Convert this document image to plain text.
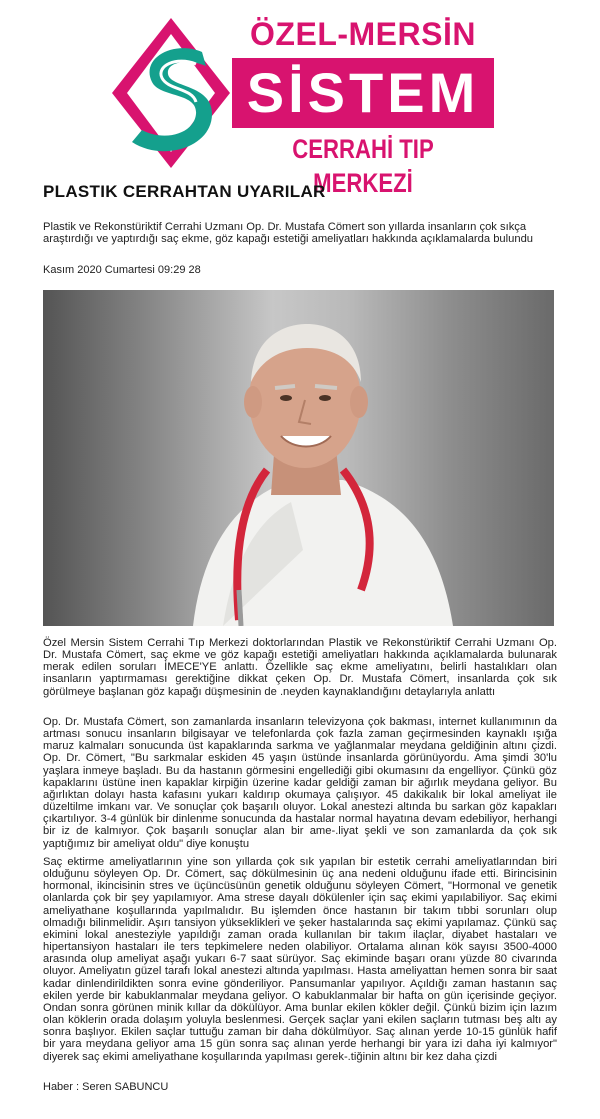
ÖZEL-MERSİN
SİSTEM
CERRAHİ TIP MERKEZİ
PLASTIK CERRAHTAN UYARILAR
Plastik ve Rekonstüriktif Cerrahi Uzmanı Op. Dr. Mustafa Cömert son yıllarda insanların çok sıkça araştırdığı ve yaptırdığı saç ekme, göz kapağı estetiği ameliyatları hakkında açıklamalarda bulundu
Kasım 2020 Cumartesi 09:29 28
Özel Mersin Sistem Cerrahi Tıp Merkezi doktorlarından Plastik ve Rekonstüriktif Cerrahi Uzmanı Op. Dr. Mustafa Cömert, saç ekme ve göz kapağı estetiği ameliyatları hakkında açıklamalarda bulunarak merak edilen soruları İMECE'YE anlattı. Özellikle saç ekme ameliyatını, belirli hastalıkları olan insanların yaptırmaması gerektiğine dikkat çeken Op. Dr. Mustafa Cömert, insanlarda çok sık görülmeye başlanan göz kapağı düşmesinin de .neyden kaynaklandığını detaylarıyla anlattı
Op. Dr. Mustafa Cömert, son zamanlarda insanların televizyona çok bakması, internet kullanımının da artması sonucu insanların bilgisayar ve telefonlarda çok fazla zaman geçirmesinden kaynaklı ışığa maruz kalmaları sonucunda üst kapaklarında sarkma ve yağlanmalar meydana geldiğinin altını çizdi. Op. Dr. Cömert, "Bu sarkmalar eskiden 45 yaşın üstünde insanlarda görünüyordu. Ama şimdi 30'lu yaşlara inmeye başladı. Bu da hastanın görmesini engellediği gibi okumasını da engelliyor. Çünkü göz kapaklarını üstüne inen kapaklar kirpiğin üzerine kadar geldiği zaman bir ağırlık meydana geliyor. Bu ağırlıktan dolayı hasta kafasını yukarı kaldırıp okumaya çalışıyor. 45 dakikalık bir lokal ameliyat ile düzeltilme imkanı var. Ve sonuçlar çok başarılı oluyor. Lokal anestezi altında bu sarkan göz kapakları çıkartılıyor. 3-4 günlük bir dinlenme sonucunda da hastalar normal hayatına devam edebiliyor, herhangi bir iz de kalmıyor. Çok başarılı sonuçlar alan bir ame-.liyat şekli ve son zamanlarda da çok sık yaptığımız bir ameliyat oldu" diye konuştu
Saç ektirme ameliyatlarının yine son yıllarda çok sık yapılan bir estetik cerrahi ameliyatlarından biri olduğunu söyleyen Op. Dr. Cömert, saç dökülmesinin üç ana nedeni olduğunu ifade etti. Birincisinin hormonal, ikincisinin stres ve üçüncüsünün genetik olduğunu söyleyen Cömert, "Hormonal ve genetik olanlarda çok bir şey yapılamıyor. Ama strese dayalı dökülenler için saç ekimi yapılabiliyor. Saç ekimi ameliyathane koşullarında yapılmalıdır. Bu işlemden önce hastanın bir takım tıbbi sorunları olup olmadığı bilinmelidir. Aşırı tansiyon yükseklikleri ve şeker hastalarında saç ekimi yapılamaz. Çünkü saç ekimini lokal anesteziyle yapıldığı zaman orada kullanılan bir takım ilaçlar, diyabet hastaları ve hipertansiyon hastaları ile ters tepkimelere neden olabiliyor. Ortalama alınan kök sayısı 3500-4000 arasında olup ameliyat aşağı yukarı 6-7 saat sürüyor. Saç ekiminde başarı oranı yüzde 80 civarında oluyor. Ameliyatın güzel tarafı lokal anestezi altında yapılması. Hasta ameliyattan hemen sonra bir saat kadar dinlendirildikten sonra evine gönderiliyor. Pansumanlar yapılıyor. Açıldığı zaman hastanın saç ekilen yerde bir kabuklanmalar meydana geliyor. O kabuklanmalar bir hafta on gün içerisinde geçiyor. Ondan sonra görünen minik kıllar da dökülüyor. Ama bunlar ekilen kökler değil. Çünkü bizim için lazım olan köklerin orada dolaşım yoluyla beslenmesi. Gerçek saçlar yani ekilen saçların tutması beş altı ay sonra başlıyor. Ekilen saçlar tuttuğu zaman bir daha dökülmüyor. Saç alınan yerde 10-15 günlük hafif bir yara meydana geliyor ama 15 gün sonra saç alınan yerde herhangi bir yara izi daha iyi kalmıyor" diyerek saç ekimi ameliyathane koşullarında yapılması gerek-.tiğinin altını bir kez daha çizdi
Haber : Seren SABUNCU
